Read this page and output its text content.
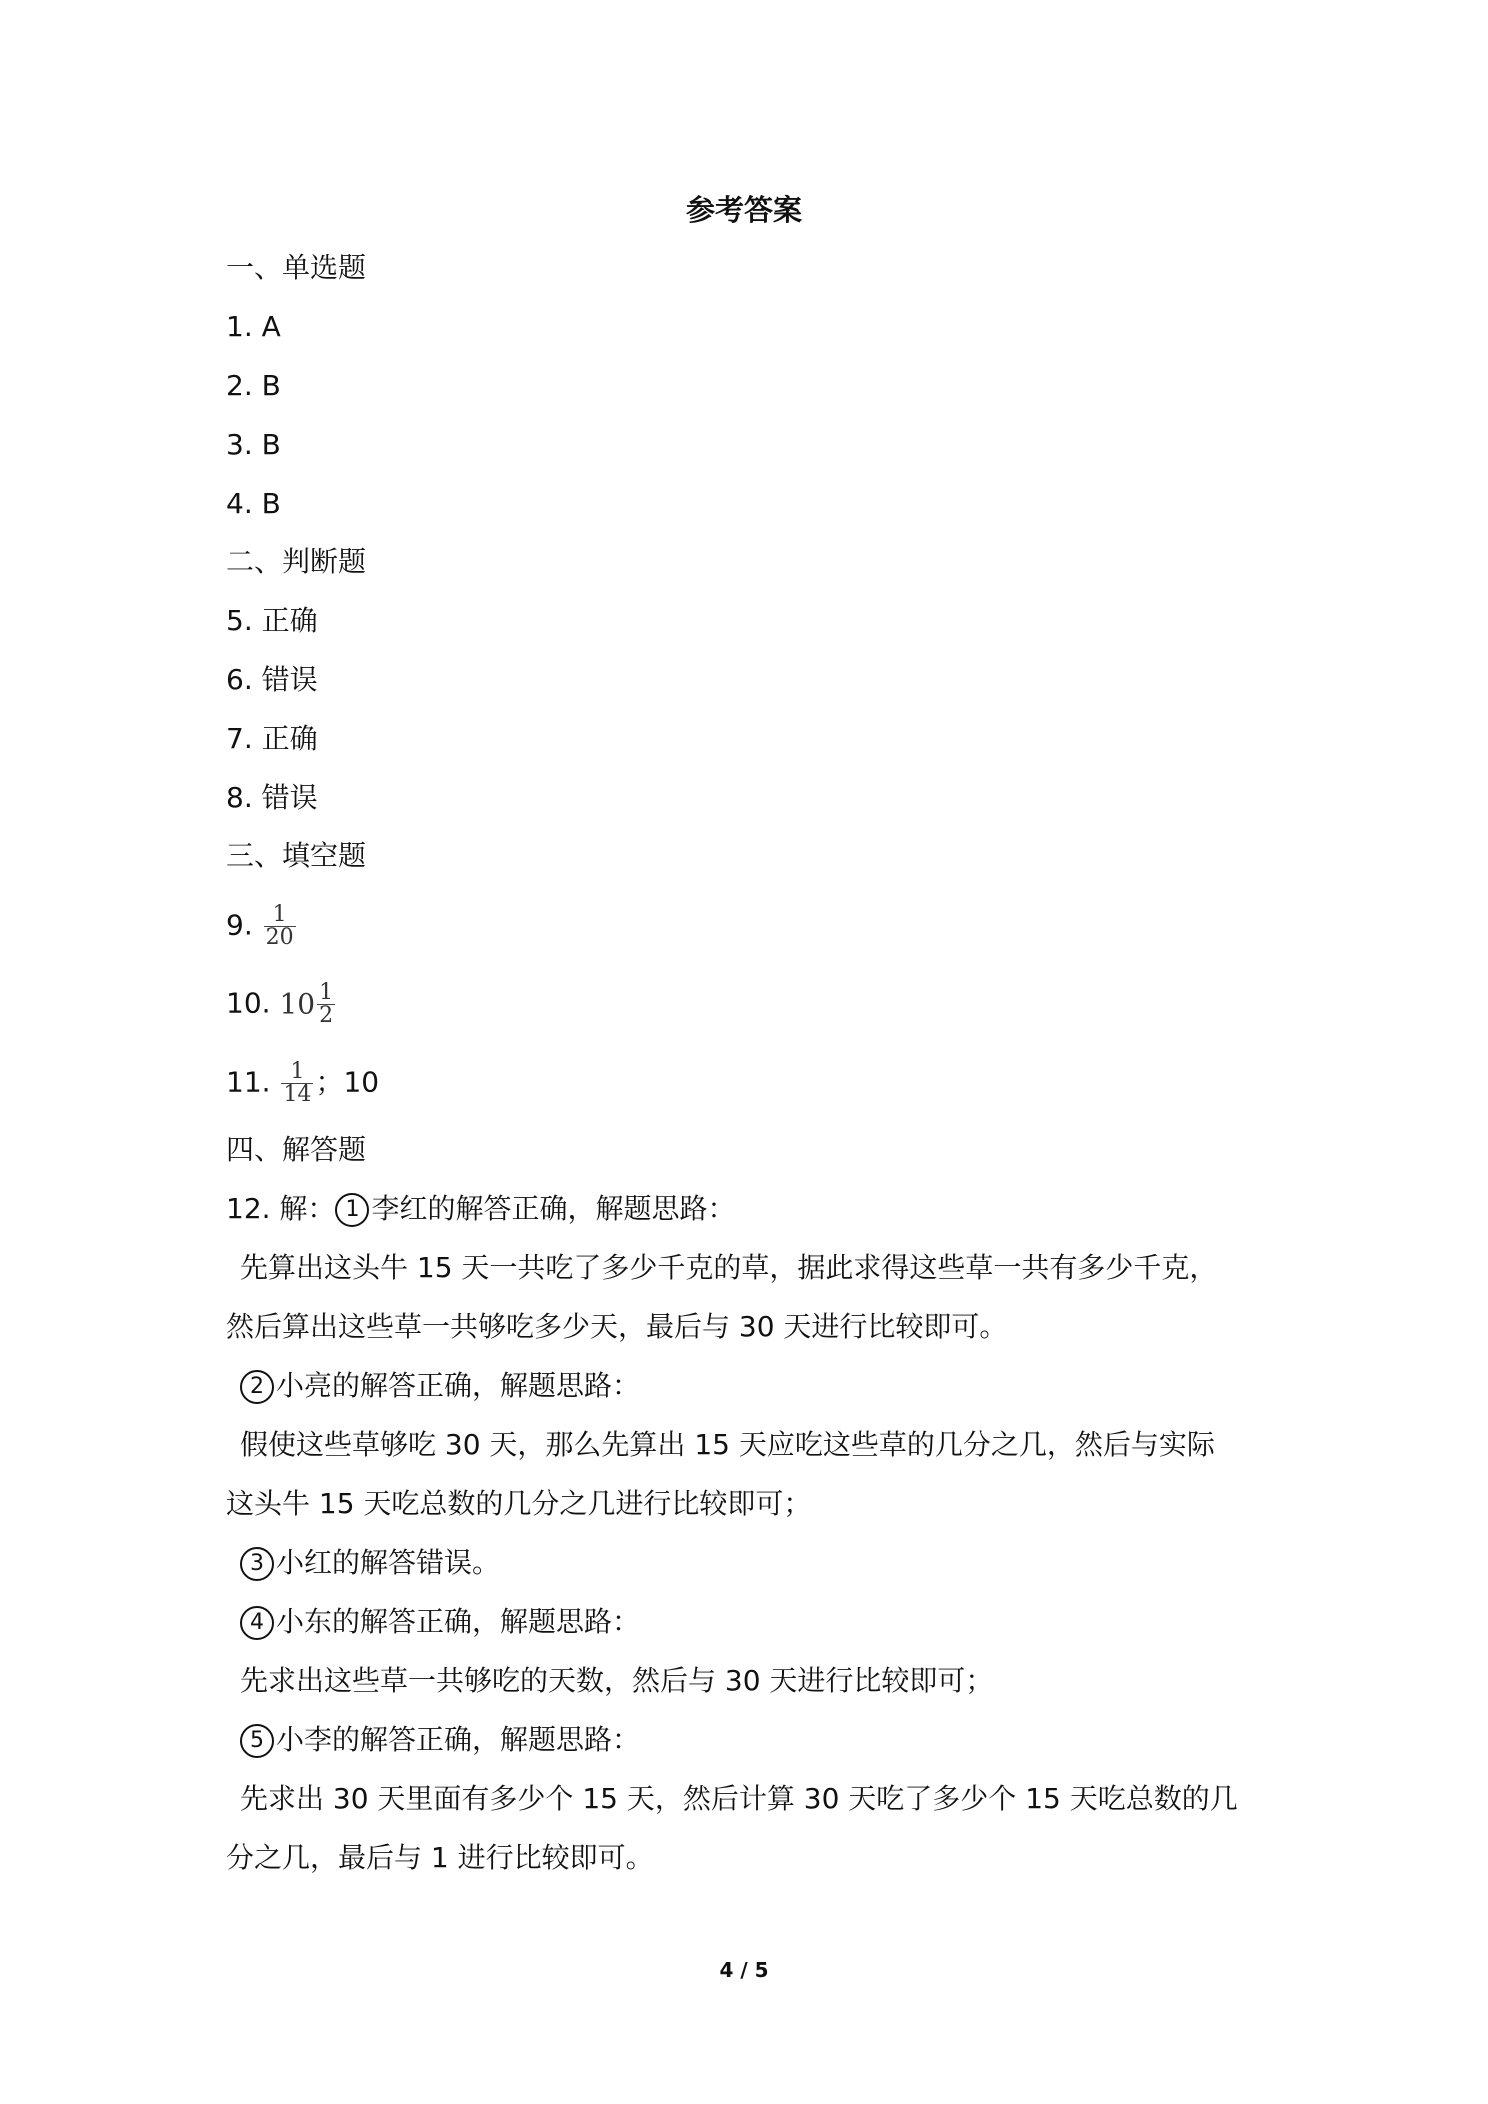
参考答案
一、单选题
1. A
2. B
3. B
4. B
二、判断题
5. 正确
6. 错误
7. 正确
8. 错误
三、填空题
9. $\frac{1}{20}$
10. $10 \frac{1}{2}$
11. $\frac{1}{14}$ ；10
四、解答题
12. 解： 1 李红的解答正确，解题思路：
先算出这头牛 15 天一共吃了多少千克的草，据此求得这些草一共有多少千克，
然后算出这些草一共够吃多少天，最后与 30 天进行比较即可。
2 小亮的解答正确，解题思路：
假使这些草够吃 30 天，那么先算出 15 天应吃这些草的几分之几，然后与实际
这头牛 15 天吃总数的几分之几进行比较即可；
3 小红的解答错误。
4 小东的解答正确，解题思路：
先求出这些草一共够吃的天数，然后与 30 天进行比较即可；
5 小李的解答正确，解题思路：
先求出 30 天里面有多少个 15 天，然后计算 30 天吃了多少个 15 天吃总数的几
分之几，最后与 1 进行比较即可。
4 / 5
